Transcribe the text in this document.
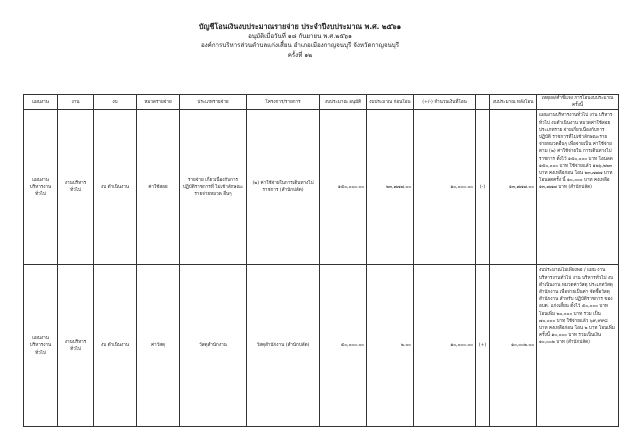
บัญชีโอนเงินงบประมาณรายจ่าย ประจำปีงบประมาณ พ.ศ. ๒๕๖๑
อนุมัติเมื่อวันที่ ๑๘ กันยายน พ.ศ.๒๕๖๑
องค์การบริหารส่วนตำบลแก่งเสี้ยน อำเภอเมืองกาญจนบุรี จังหวัดกาญจนบุรี
ครั้งที่ ๑๒
แผนงาน	งาน	งบ	หมวดรายจ่าย	ประเภทรายจ่าย	โครงการ/รายการ	งบประมาณ อนุมัติ	งบประมาณ ก่อนโอน	(+/-) จำนวนเงินที่โอน		งบประมาณ หลังโอน	เหตุผล/คำชี้แจง การโอนงบประมาณครั้งนี้
แผนงาน บริหารงาน ทั่วไป	งานบริหาร ทั่วไป	งบ ดำเนินงาน	ค่าใช้สอย	รายจ่าย เกี่ยวเนื่องกับการ ปฏิบัติราชการที่ ไม่เข้าลักษณะ รายจ่ายหมวด อื่นๆ	(๒) ค่าใช้จ่ายในการเดินทางไป ราชการ (สำนักปลัด)	๑๕๐,๐๐๐.๐๐	๒๓,๗๗๗.๐๐	๑๐,๐๐๐.๐๐	(-)	๑๓,๗๗๗.๐๐	แผนงานบริหารงานทั่วไป งาน บริหารทั่วไป งบดำเนินงาน หมวดค่าใช้สอย ประเภทราย จ่ายเกี่ยวเนื่องกับการปฏิบัติ ราชการที่ไม่เข้าลักษณะราย จ่ายหมวดอื่นๆ เพื่อจ่ายเป็น ค่าใช้จ่ายตาม (๒) ค่าใช้จ่ายใน การเดินทางไปราชการ ตั้งไว้ ๑๕๐,๐๐๐ บาท โอนลด ๑๕๐,๐๐๐ บาท ใช้จ่ายแล้ว ๑๒๖,๒๒๓ บาท คงเหลือก่อน โอน ๒๓,๗๗๗ บาท โอนลดครั้ง นี้ ๑๐,๐๐๐ บาท คงเหลือ ๑๓,๗๗๗ บาท (สำนักปลัด)
แผนงาน บริหารงาน ทั่วไป	งานบริหาร ทั่วไป	งบ ดำเนินงาน	ค่าวัสดุ	วัสดุสำนักงาน	วัสดุสำนักงาน (สำนักปลัด)	๕๐,๐๐๐.๐๐	๒.๐๐	๑๐,๐๐๐.๐๐	(+)	๑๐,๐๐๒.๐๐	งบประมาณไม่เพียงพอ / แผน งานบริหารงานทั่วไป งาน บริหารทั่วไป งบดำเนินงาน หมวดค่าวัสดุ ประเภทวัสดุ สำนักงาน เพื่อจ่ายเป็นค่า จัดซื้อวัสดุสำนักงาน สำหรับ ปฏิบัติราชการ ของ อบต. แก่งเสี้ยน ตั้งไว้ ๕๐,๐๐๐ บาท โอนเพิ่ม ๒๐,๐๐๐ บาท รวม เป็น ๗๐,๐๐๐ บาท ใช้จ่ายแล้ว ๖๙,๙๙๘ บาท คงเหลือก่อน โอน ๒ บาท โอนเพิ่มครั้งนี้ ๑๐,๐๐๐ บาท รวมเป็นเงิน ๑๐,๐๐๒ บาท (สำนักปลัด)
